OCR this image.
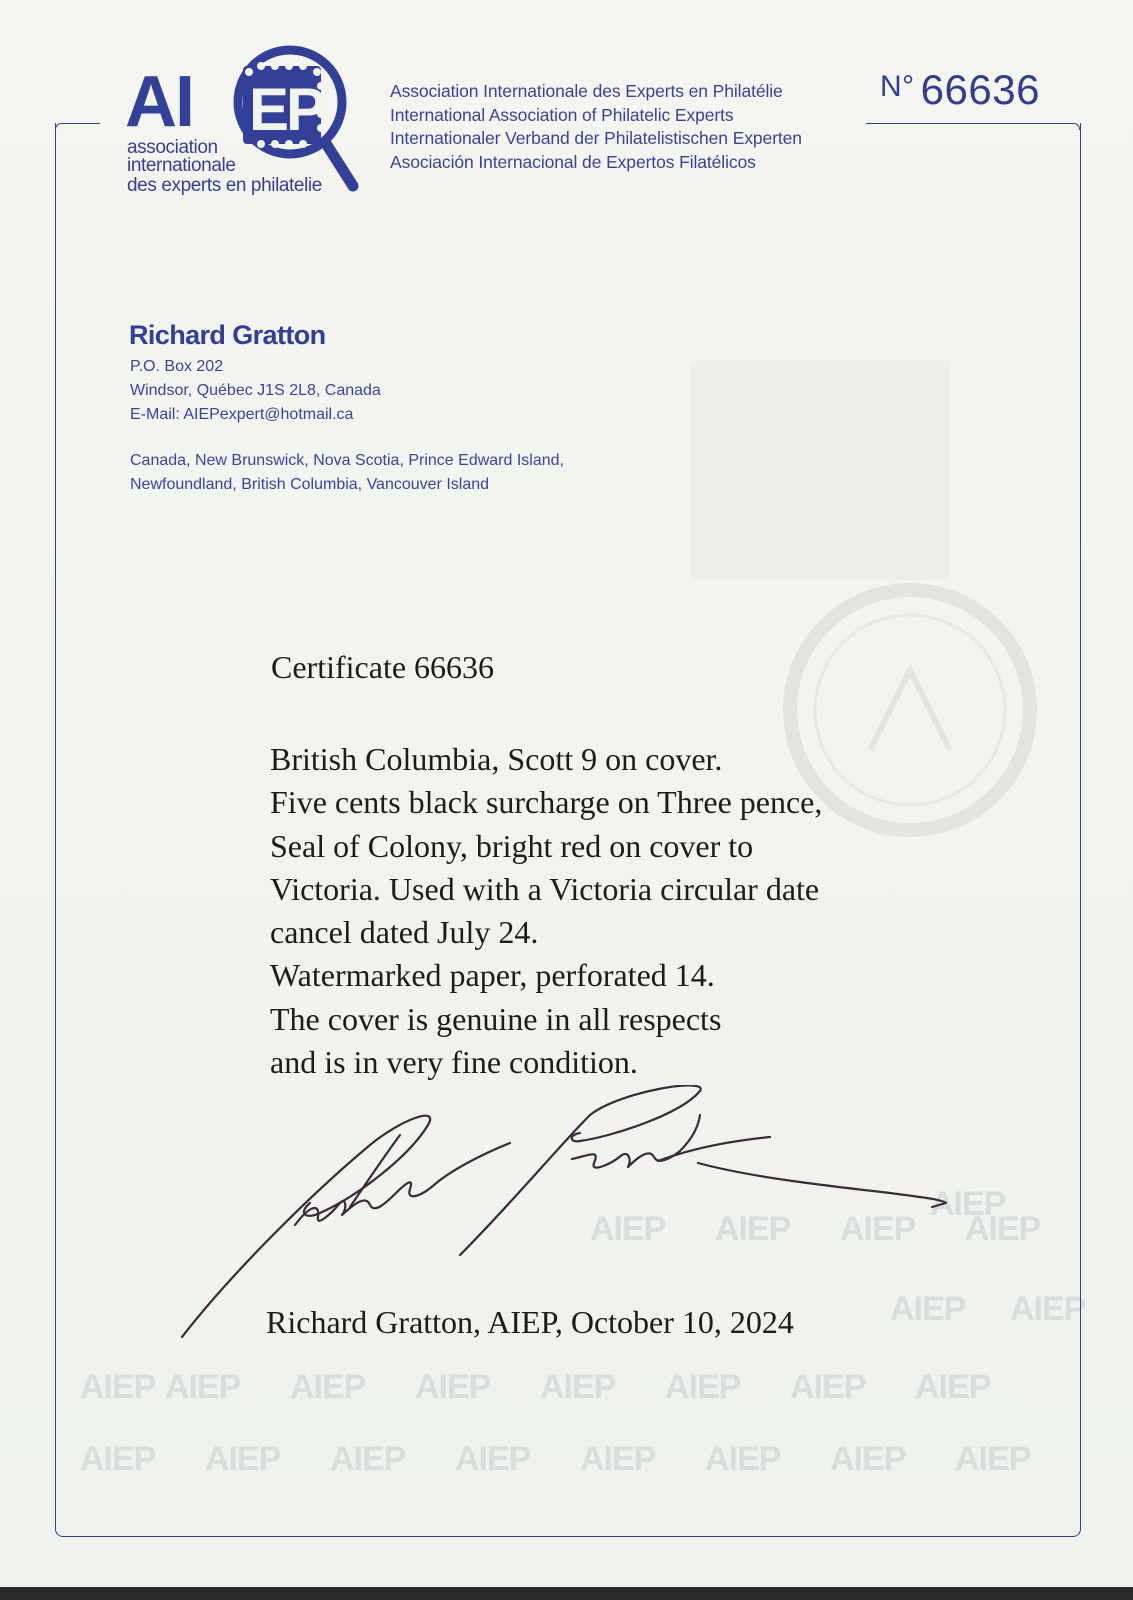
AIEP
AIEP AIEP AIEP AIEP
AIEP AIEP
AIEP AIEP AIEP AIEP AIEP AIEP AIEP AIEP
AIEP AIEP AIEP AIEP AIEP AIEP AIEP AIEP
EP
AI
association
internationale
des experts en philatelie
Association Internationale des Experts en Philatélie
International Association of Philatelic Experts
Internationaler Verband der Philatelistischen Experten
Asociación Internacional de Expertos Filatélicos
N° 66636
Richard Gratton
P.O. Box 202
Windsor, Québec J1S 2L8, Canada
E-Mail: AIEPexpert@hotmail.ca
Canada, New Brunswick, Nova Scotia, Prince Edward Island,
Newfoundland, British Columbia, Vancouver Island
Certificate 66636
British Columbia, Scott 9 on cover.
Five cents black surcharge on Three pence,
Seal of Colony, bright red on cover to
Victoria. Used with a Victoria circular date
cancel dated July 24.
Watermarked paper, perforated 14.
The cover is genuine in all respects
and is in very fine condition.
Richard Gratton, AIEP, October 10, 2024
